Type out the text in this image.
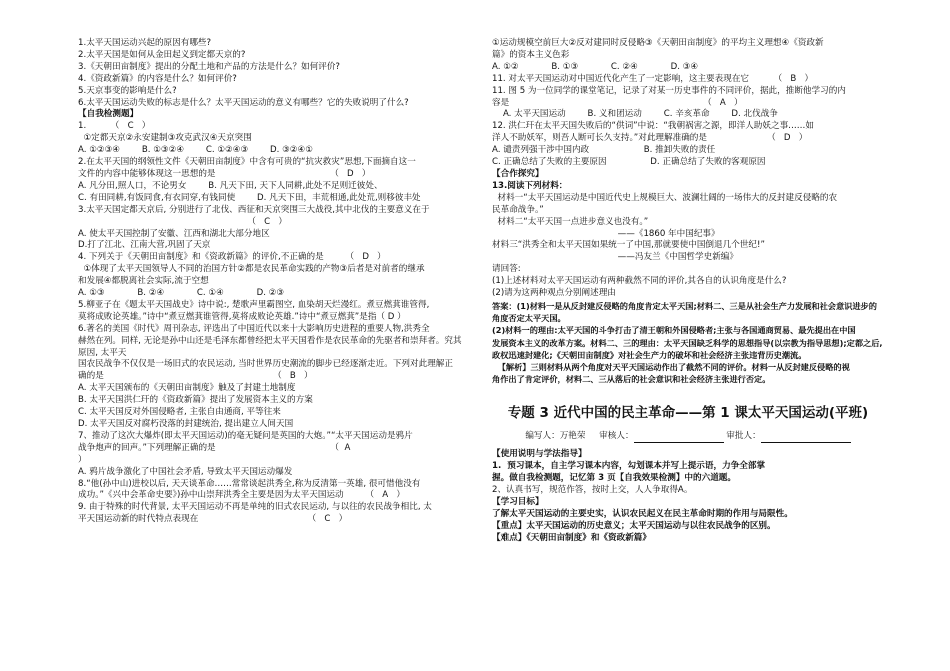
1.太平天国运动兴起的原因有哪些?
2.太平天国是如何从金田起义到定都天京的?
3.《天朝田亩制度》提出的分配土地和产品的方法是什么？如何评价?
4.《资政新篇》的内容是什么？如何评价?
5.天京事变的影响是什么?
6.太平天国运动失败的标志是什么？太平天国运动的意义有哪些？它的失败说明了什么?
【自我检测题】
1.         （   C   ）
①定都天京②永安建制③攻克武汉④天京突围
A. ①②③④        B. ①③②④        C. ①②④③        D. ③②④①
2.在太平天国的纲领性文件《天朝田亩制度》中含有可贵的“抗灾救灾”思想,下面摘自这一
文件的内容中能够体现这一思想的是                                          （   D   ）
A. 凡分田,照人口，不论男女        B. 凡天下田, 天下人同耕,此处不足则迁彼处、
C. 有田同耕,有饭同食,有衣同穿,有钱同使        D. 凡天下田，丰荒相通,此处荒,则移彼丰处
3.太平天国定都天京后, 分别进行了北伐、西征和天京突围三大战役,其中北伐的主要意义在于
（   C   ）
A. 使太平天国控制了安徽、江西和湖北大部分地区
D.打了江北、江南大营,巩固了天京
4. 下列关于《天朝田亩制度》和《资政新篇》的评价,不正确的是        （   D   ）
①体现了太平天国领导人不同的治国方针②都是农民革命实践的产物③后者是对前者的继承
和发展④都脱离社会实际,流于空想
A. ①③            B. ②④            C. ①④            D. ②③
5.柳亚子在《题太平天国战史》诗中说:, 楚歌声里霸图空, 血染胡天烂漫红。煮豆燃萁谁管得,
莫将成败论英雄。”诗中“煮豆燃萁谁管得,莫将成败论英雄.”诗中“煮豆燃萁”是指（ D ）
6.著名的美国《时代》周刊杂志, 评选出了中国近代以来十大影响历史进程的重要人物,洪秀全
赫然在列。同样, 无论是孙中山还是毛泽东都曾经把太平天国看作是农民革命的先驱者和崇拜者。究其原因, 太平天
国农民战争不仅仅是一场旧式的农民运动, 当时世界历史潮流的脚步已经逐渐走近。下列对此理解正
确的是                                                              （   B   ）
A. 太平天国颁布的《天朝田亩制度》触及了封建土地制度
B. 太平天国洪仁玕的《资政新篇》提出了发展资本主义的方案
C. 太平天国反对外国侵略者, 主张自由通商, 平等往来
D. 太平天国反对腐朽没落的封建统治, 提出建立人间天国
7、推动了这次大爆炸(即太平天国运动)的毫无疑问是英国的大炮。”“太平天国运动是鸦片
战争炮声的回声。”下列理解正确的是                                          （  A
）
A. 鸦片战争激化了中国社会矛盾, 导致太平天国运动爆发
8.“他(孙中山)进校以后, 天天谈革命……常常谈起洪秀全,称为反清第一英雄, 很可惜他没有
成功。”《兴中会革命史要》)孙中山崇拜洪秀全主要是因为太平天国运动        （   A   ）
9. 由于特殊的时代背景, 太平天国运动不再是单纯的旧式农民运动, 与以往的农民战争相比, 太
平天国运动新的时代特点表现在                                        （   C   ）
①运动规模空前巨大②反对建同时反侵略③《天朝田亩制度》的平均主义理想④《资政新
篇》的资本主义色彩
A. ①②            B. ①③            C. ②④            D. ③④
11. 对太平天国运动对中国近代化产生了一定影响，这主要表现在它         （   B   ）
11. 图 5 为一位同学的课堂笔记，记录了对某一历史事件的不同评价，据此，推断他学习的内
容是                                                                       （   A   ）
A. 太平天国运动        B. 义和团运动        C. 辛亥革命        D. 北伐战争
12. 洪仁玕在太平天国失败后的“供词”中说：“我朝祸害之源，即洋人助妖之事……如
洋人不助妖军，则吾人断可长久支持。”对此理解准确的是                      （   D   ）
A. 谴责列强干涉中国内政                    B. 推卸失败的责任
C. 正确总结了失败的主要原因                D. 正确总结了失败的客观原因
【合作探究】
13.阅读下列材料：
材料一“太平天国运动是中国近代史上规模巨大、波澜壮阔的一场伟大的反封建反侵略的农
民革命战争。”
材料二“太平天国一点进步意义也没有。”
——《1860 年中国纪事》
材料三“洪秀全和太平天国如果统一了中国,那就要使中国倒退几个世纪!”
——冯友兰《中国哲学史新编》
请回答:
(1)上述材料对太平天国运动有两种截然不同的评价,其各自的认识角度是什么?
(2)请为这两种观点分别阐述理由
答案：(1)材料一是从反封建反侵略的角度肯定太平天国;材料二、三是从社会生产力发展和社会意识进步的
角度否定太平天国。
(2)材料一的理由:太平天国的斗争打击了清王朝和外国侵略者;主张与各国通商贸易、最先提出在中国
发展资本主义的改革方案。材料二、三的理由：太平天国缺乏科学的思想指导(以宗教为指导思想);定都之后,
政权迅速封建化;《天朝田亩制度》对社会生产力的破坏和社会经济主张违背历史潮流。
【解析】三则材料从两个角度对天平天国运动作出了截然不同的评价。材料一从反封建反侵略的视
角作出了肯定评价，材料二、三从落后的社会意识和社会经济主张进行否定。
专题 3 近代中国的民主革命——第 1 课太平天国运动(平班)
编写人：万艳荣 审核人：	审批人：
【使用说明与学法指导】
1.  预习课本，自主学习课本内容，勾划课本并写上提示语，力争全部掌
握。做自我检测题，记忆第 3 页【自我效果检测】中的六道题。
2、认真书写，规范作答，按时上交，人人争取得A。
【学习目标】
了解太平天国运动的主要史实，认识农民起义在民主革命时期的作用与局限性。
【重点】太平天国运动的历史意义；太平天国运动与以往农民战争的区别。
【难点】《天朝田亩制度》和《资政新篇》
